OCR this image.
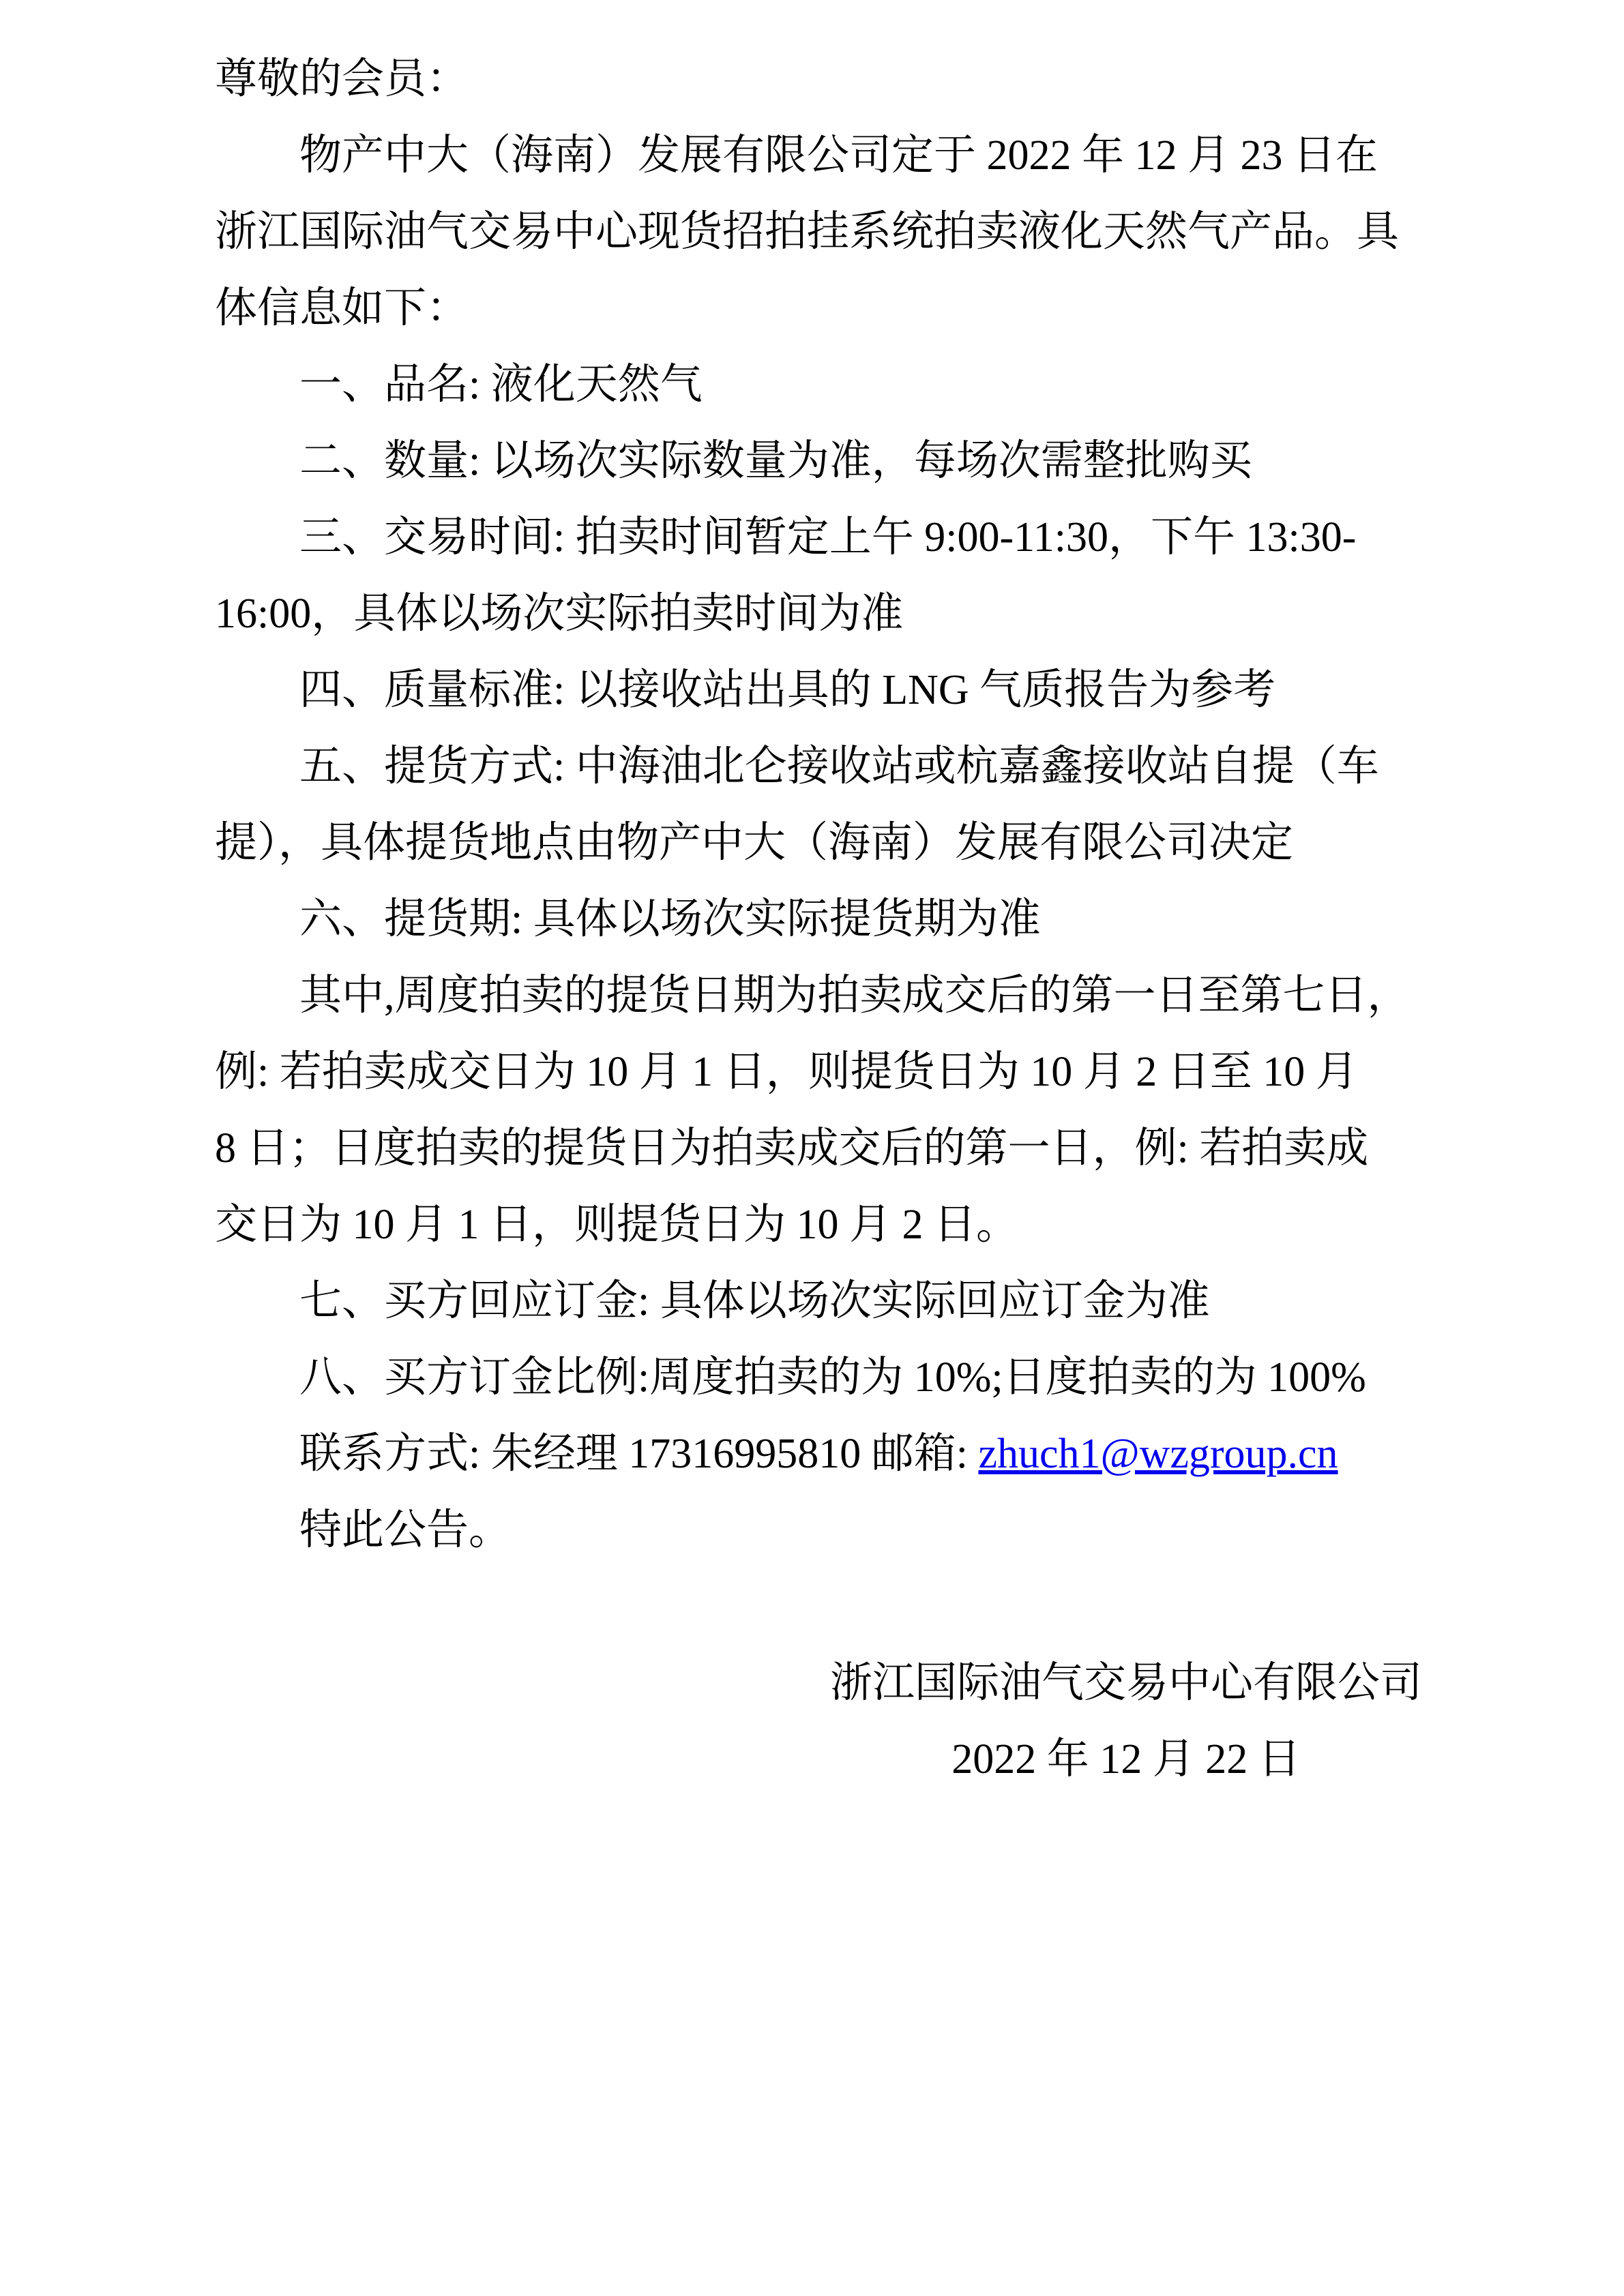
尊敬的会员：

物产中大（海南）发展有限公司定于 2022 年 12 月 23 日在

浙江国际油气交易中心现货招拍挂系统拍卖液化天然气产品。具

体信息如下：

一、品名: 液化天然气

二、数量: 以场次实际数量为准，每场次需整批购买

三、交易时间: 拍卖时间暂定上午 9:00-11:30，下午 13:30-

16:00，具体以场次实际拍卖时间为准

四、质量标准: 以接收站出具的 LNG 气质报告为参考

五、提货方式: 中海油北仑接收站或杭嘉鑫接收站自提（车

提），具体提货地点由物产中大（海南）发展有限公司决定

六、提货期: 具体以场次实际提货期为准

其中,周度拍卖的提货日期为拍卖成交后的第一日至第七日，

例: 若拍卖成交日为 10 月 1 日，则提货日为 10 月 2 日至 10 月

8 日；日度拍卖的提货日为拍卖成交后的第一日，例: 若拍卖成

交日为 10 月 1 日，则提货日为 10 月 2 日。

七、买方回应订金: 具体以场次实际回应订金为准

八、买方订金比例:周度拍卖的为 10%;日度拍卖的为 100%

联系方式: 朱经理 17316995810 邮箱: zhuch1@wzgroup.cn

特此公告。

浙江国际油气交易中心有限公司
2022 年 12 月 22 日
